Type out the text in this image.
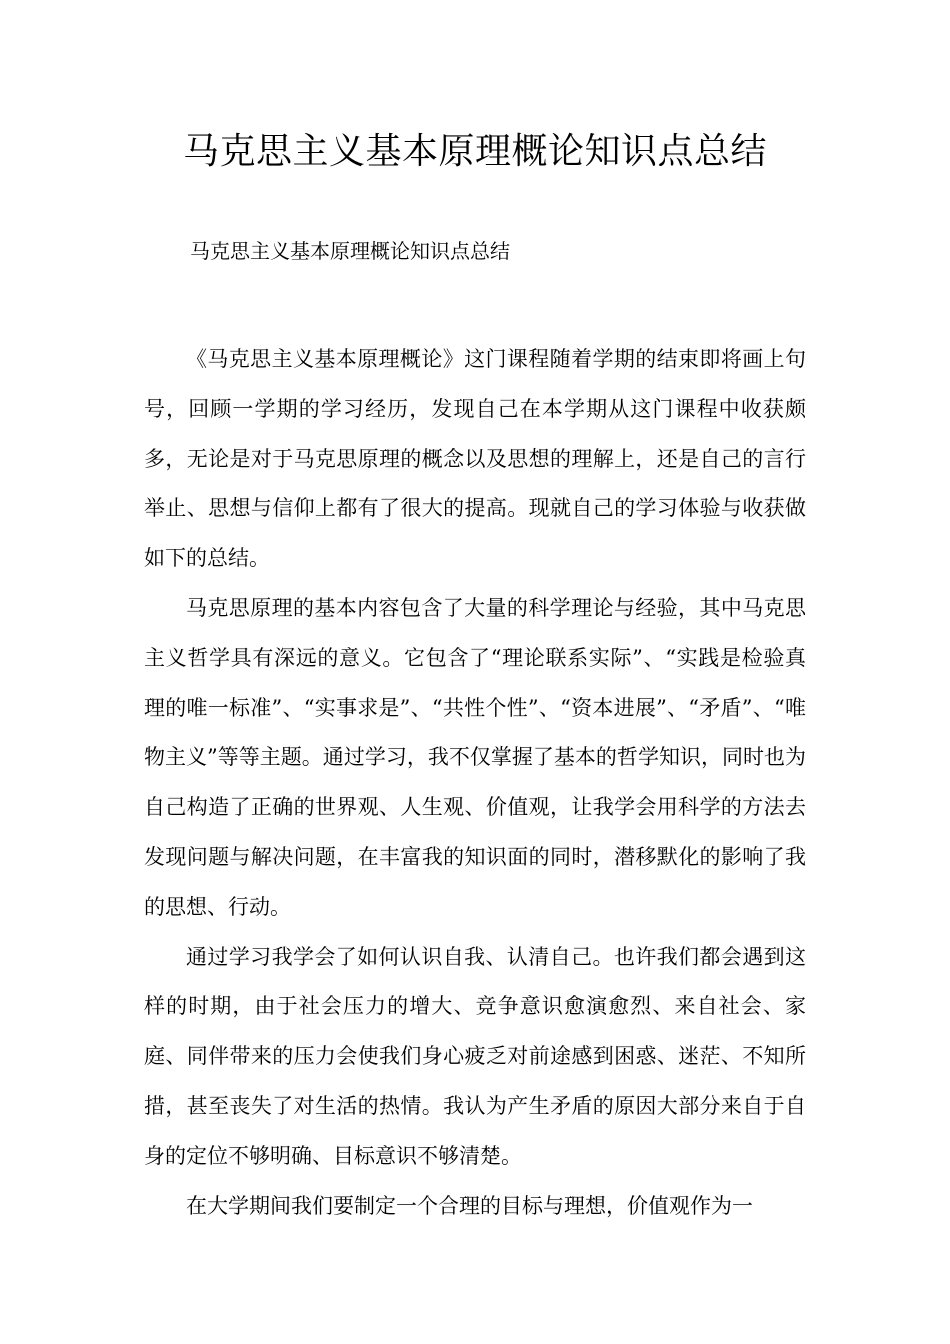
马克思主义基本原理概论知识点总结

马克思主义基本原理概论知识点总结

《马克思主义基本原理概论》这门课程随着学期的结束即将画上句号，回顾一学期的学习经历，发现自己在本学期从这门课程中收获颇多，无论是对于马克思原理的概念以及思想的理解上，还是自己的言行举止、思想与信仰上都有了很大的提高。现就自己的学习体验与收获做如下的总结。

马克思原理的基本内容包含了大量的科学理论与经验，其中马克思主义哲学具有深远的意义。它包含了“理论联系实际”、“实践是检验真理的唯一标准”、“实事求是”、“共性个性”、“资本进展”、“矛盾”、“唯物主义”等等主题。通过学习，我不仅掌握了基本的哲学知识，同时也为自己构造了正确的世界观、人生观、价值观，让我学会用科学的方法去发现问题与解决问题，在丰富我的知识面的同时，潜移默化的影响了我的思想、行动。

通过学习我学会了如何认识自我、认清自己。也许我们都会遇到这样的时期，由于社会压力的增大、竞争意识愈演愈烈、来自社会、家庭、同伴带来的压力会使我们身心疲乏对前途感到困惑、迷茫、不知所措，甚至丧失了对生活的热情。我认为产生矛盾的原因大部分来自于自身的定位不够明确、目标意识不够清楚。

在大学期间我们要制定一个合理的目标与理想，价值观作为一
